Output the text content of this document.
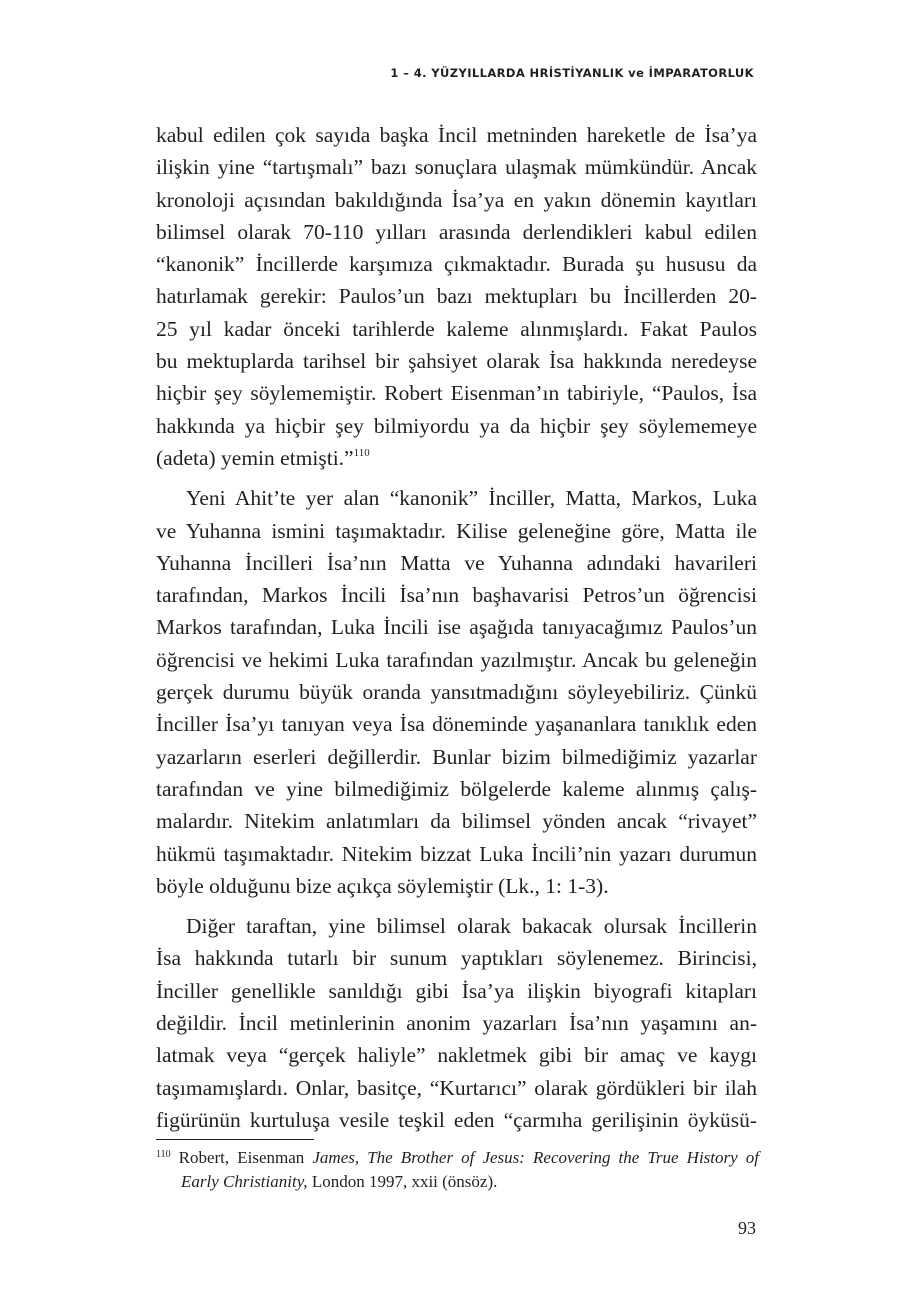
1 – 4. YÜZYILLARDA HRİSTİYANLIK ve İMPARATORLUK
kabul edilen çok sayıda başka İncil metninden hareketle de İsa’ya
ilişkin yine “tartışmalı” bazı sonuçlara ulaşmak mümkündür. Ancak
kronoloji açısından bakıldığında İsa’ya en yakın dönemin kayıtları
bilimsel olarak 70-110 yılları arasında derlendikleri kabul edilen
“kanonik” İncillerde karşımıza çıkmaktadır. Burada şu hususu da
hatırlamak gerekir: Paulos’un bazı mektupları bu İncillerden 20-
25 yıl kadar önceki tarihlerde kaleme alınmışlardı. Fakat Paulos
bu mektuplarda tarihsel bir şahsiyet olarak İsa hakkında neredeyse
hiçbir şey söylememiştir. Robert Eisenman’ın tabiriyle, “Paulos, İsa
hakkında ya hiçbir şey bilmiyordu ya da hiçbir şey söylememeye
(adeta) yemin etmişti.”$^{110}$
Yeni Ahit’te yer alan “kanonik” İnciller, Matta, Markos, Luka
ve Yuhanna ismini taşımaktadır. Kilise geleneğine göre, Matta ile
Yuhanna İncilleri İsa’nın Matta ve Yuhanna adındaki havarileri
tarafından, Markos İncili İsa’nın başhavarisi Petros’un öğrencisi
Markos tarafından, Luka İncili ise aşağıda tanıyacağımız Paulos’un
öğrencisi ve hekimi Luka tarafından yazılmıştır. Ancak bu geleneğin
gerçek durumu büyük oranda yansıtmadığını söyleyebiliriz. Çünkü
İnciller İsa’yı tanıyan veya İsa döneminde yaşananlara tanıklık eden
yazarların eserleri değillerdir. Bunlar bizim bilmediğimiz yazarlar
tarafından ve yine bilmediğimiz bölgelerde kaleme alınmış çalış-
malardır. Nitekim anlatımları da bilimsel yönden ancak “rivayet”
hükmü taşımaktadır. Nitekim bizzat Luka İncili’nin yazarı durumun
böyle olduğunu bize açıkça söylemiştir (Lk., 1: 1-3).
Diğer taraftan, yine bilimsel olarak bakacak olursak İncillerin
İsa hakkında tutarlı bir sunum yaptıkları söylenemez. Birincisi,
İnciller genellikle sanıldığı gibi İsa’ya ilişkin biyografi kitapları
değildir. İncil metinlerinin anonim yazarları İsa’nın yaşamını an-
latmak veya “gerçek haliyle” nakletmek gibi bir amaç ve kaygı
taşımamışlardı. Onlar, basitçe, “Kurtarıcı” olarak gördükleri bir ilah
figürünün kurtuluşa vesile teşkil eden “çarmıha gerilişinin öyküsü-
$^{110}$ Robert, Eisenman James, The Brother of Jesus: Recovering the True History of
Early Christianity, London 1997, xxii (önsöz).
93
